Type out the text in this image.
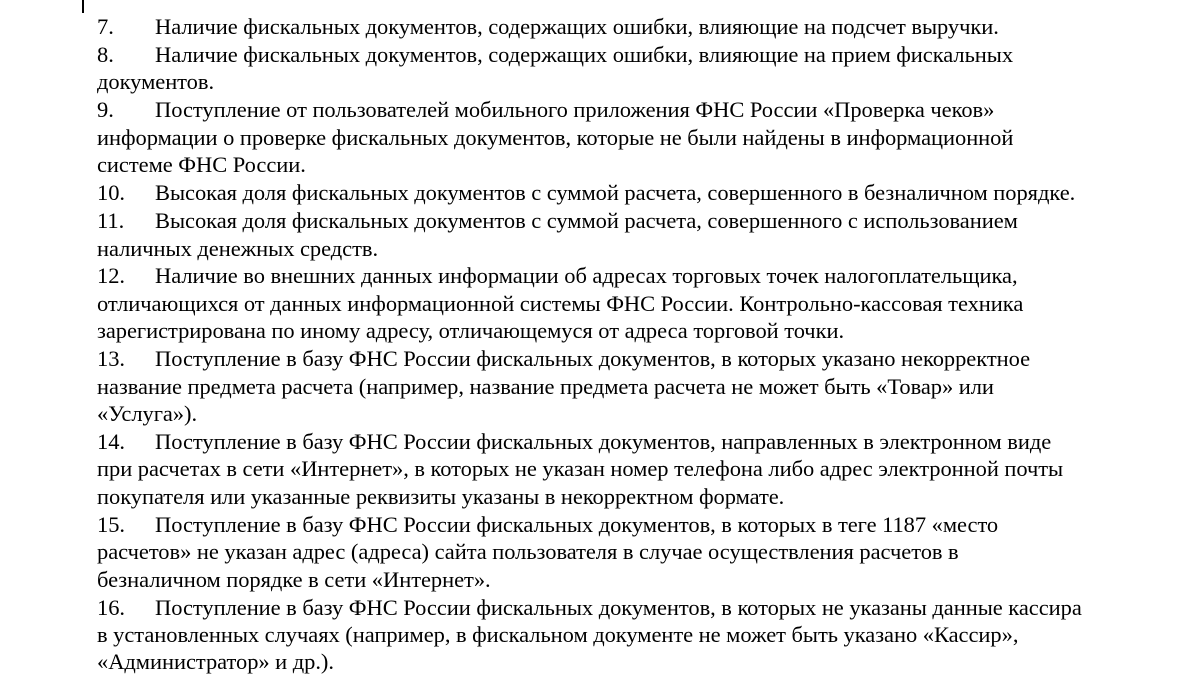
7. Наличие фискальных документов, содержащих ошибки, влияющие на подсчет выручки.
8. Наличие фискальных документов, содержащих ошибки, влияющие на прием фискальных
документов.
9. Поступление от пользователей мобильного приложения ФНС России «Проверка чеков»
информации о проверке фискальных документов, которые не были найдены в информационной
системе ФНС России.
10. Высокая доля фискальных документов с суммой расчета, совершенного в безналичном порядке.
11. Высокая доля фискальных документов с суммой расчета, совершенного с использованием
наличных денежных средств.
12. Наличие во внешних данных информации об адресах торговых точек налогоплательщика,
отличающихся от данных информационной системы ФНС России. Контрольно-кассовая техника
зарегистрирована по иному адресу, отличающемуся от адреса торговой точки.
13. Поступление в базу ФНС России фискальных документов, в которых указано некорректное
название предмета расчета (например, название предмета расчета не может быть «Товар» или
«Услуга»).
14. Поступление в базу ФНС России фискальных документов, направленных в электронном виде
при расчетах в сети «Интернет», в которых не указан номер телефона либо адрес электронной почты
покупателя или указанные реквизиты указаны в некорректном формате.
15. Поступление в базу ФНС России фискальных документов, в которых в теге 1187 «место
расчетов» не указан адрес (адреса) сайта пользователя в случае осуществления расчетов в
безналичном порядке в сети «Интернет».
16. Поступление в базу ФНС России фискальных документов, в которых не указаны данные кассира
в установленных случаях (например, в фискальном документе не может быть указано «Кассир»,
«Администратор» и др.).
